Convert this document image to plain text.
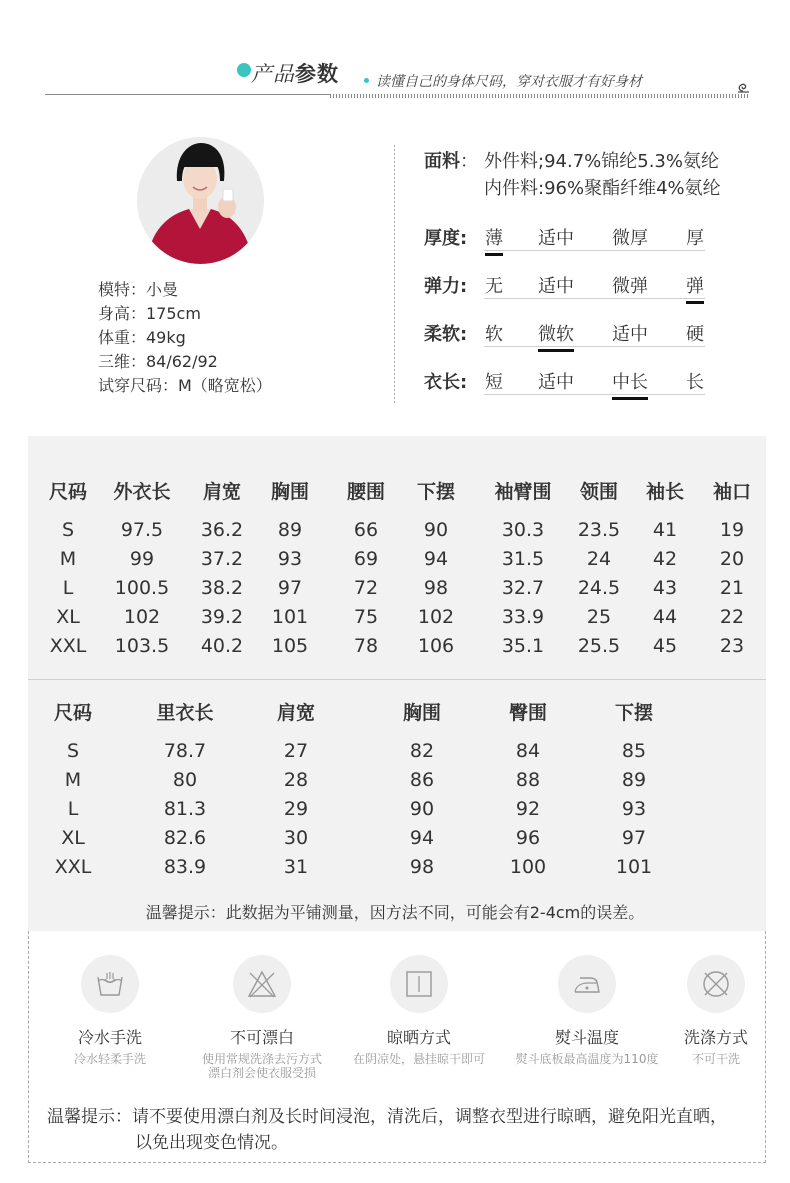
产品参数	读懂自己的身体尺码，穿对衣服才有好身材
模特：小曼
身高：175cm
体重：49kg
三维：84/62/92
试穿尺码：M（略宽松）
面料： 外件料;94.7%锦纶5.3%氨纶
内件料:96%聚酯纤维4%氨纶
厚度: 薄 适中 微厚 厚
弹力: 无 适中 微弹 弹
柔软: 软 微软 适中 硬
衣长: 短 适中 中长 长
尺码	外衣长	肩宽	胸围	腰围	下摆	袖臂围	领围	袖长	袖口
S	97.5	36.2	89	66	90	30.3	23.5	41	19
M	99	37.2	93	69	94	31.5	24	42	20
L	100.5	38.2	97	72	98	32.7	24.5	43	21
XL	102	39.2	101	75	102	33.9	25	44	22
XXL	103.5	40.2	105	78	106	35.1	25.5	45	23
尺码	里衣长	肩宽	胸围	臀围	下摆
S	78.7	27	82	84	85
M	80	28	86	88	89
L	81.3	29	90	92	93
XL	82.6	30	94	96	97
XXL	83.9	31	98	100	101
温馨提示：此数据为平铺测量，因方法不同，可能会有2-4cm的误差。
冷水手洗
冷水轻柔手洗
不可漂白
使用常规洗涤去污方式
漂白剂会使衣服受损
晾晒方式
在阴凉处，悬挂晾干即可
熨斗温度
熨斗底板最高温度为110度
洗涤方式
不可干洗
温馨提示：请不要使用漂白剂及长时间浸泡，清洗后，调整衣型进行晾晒，避免阳光直晒，
以免出现变色情况。
